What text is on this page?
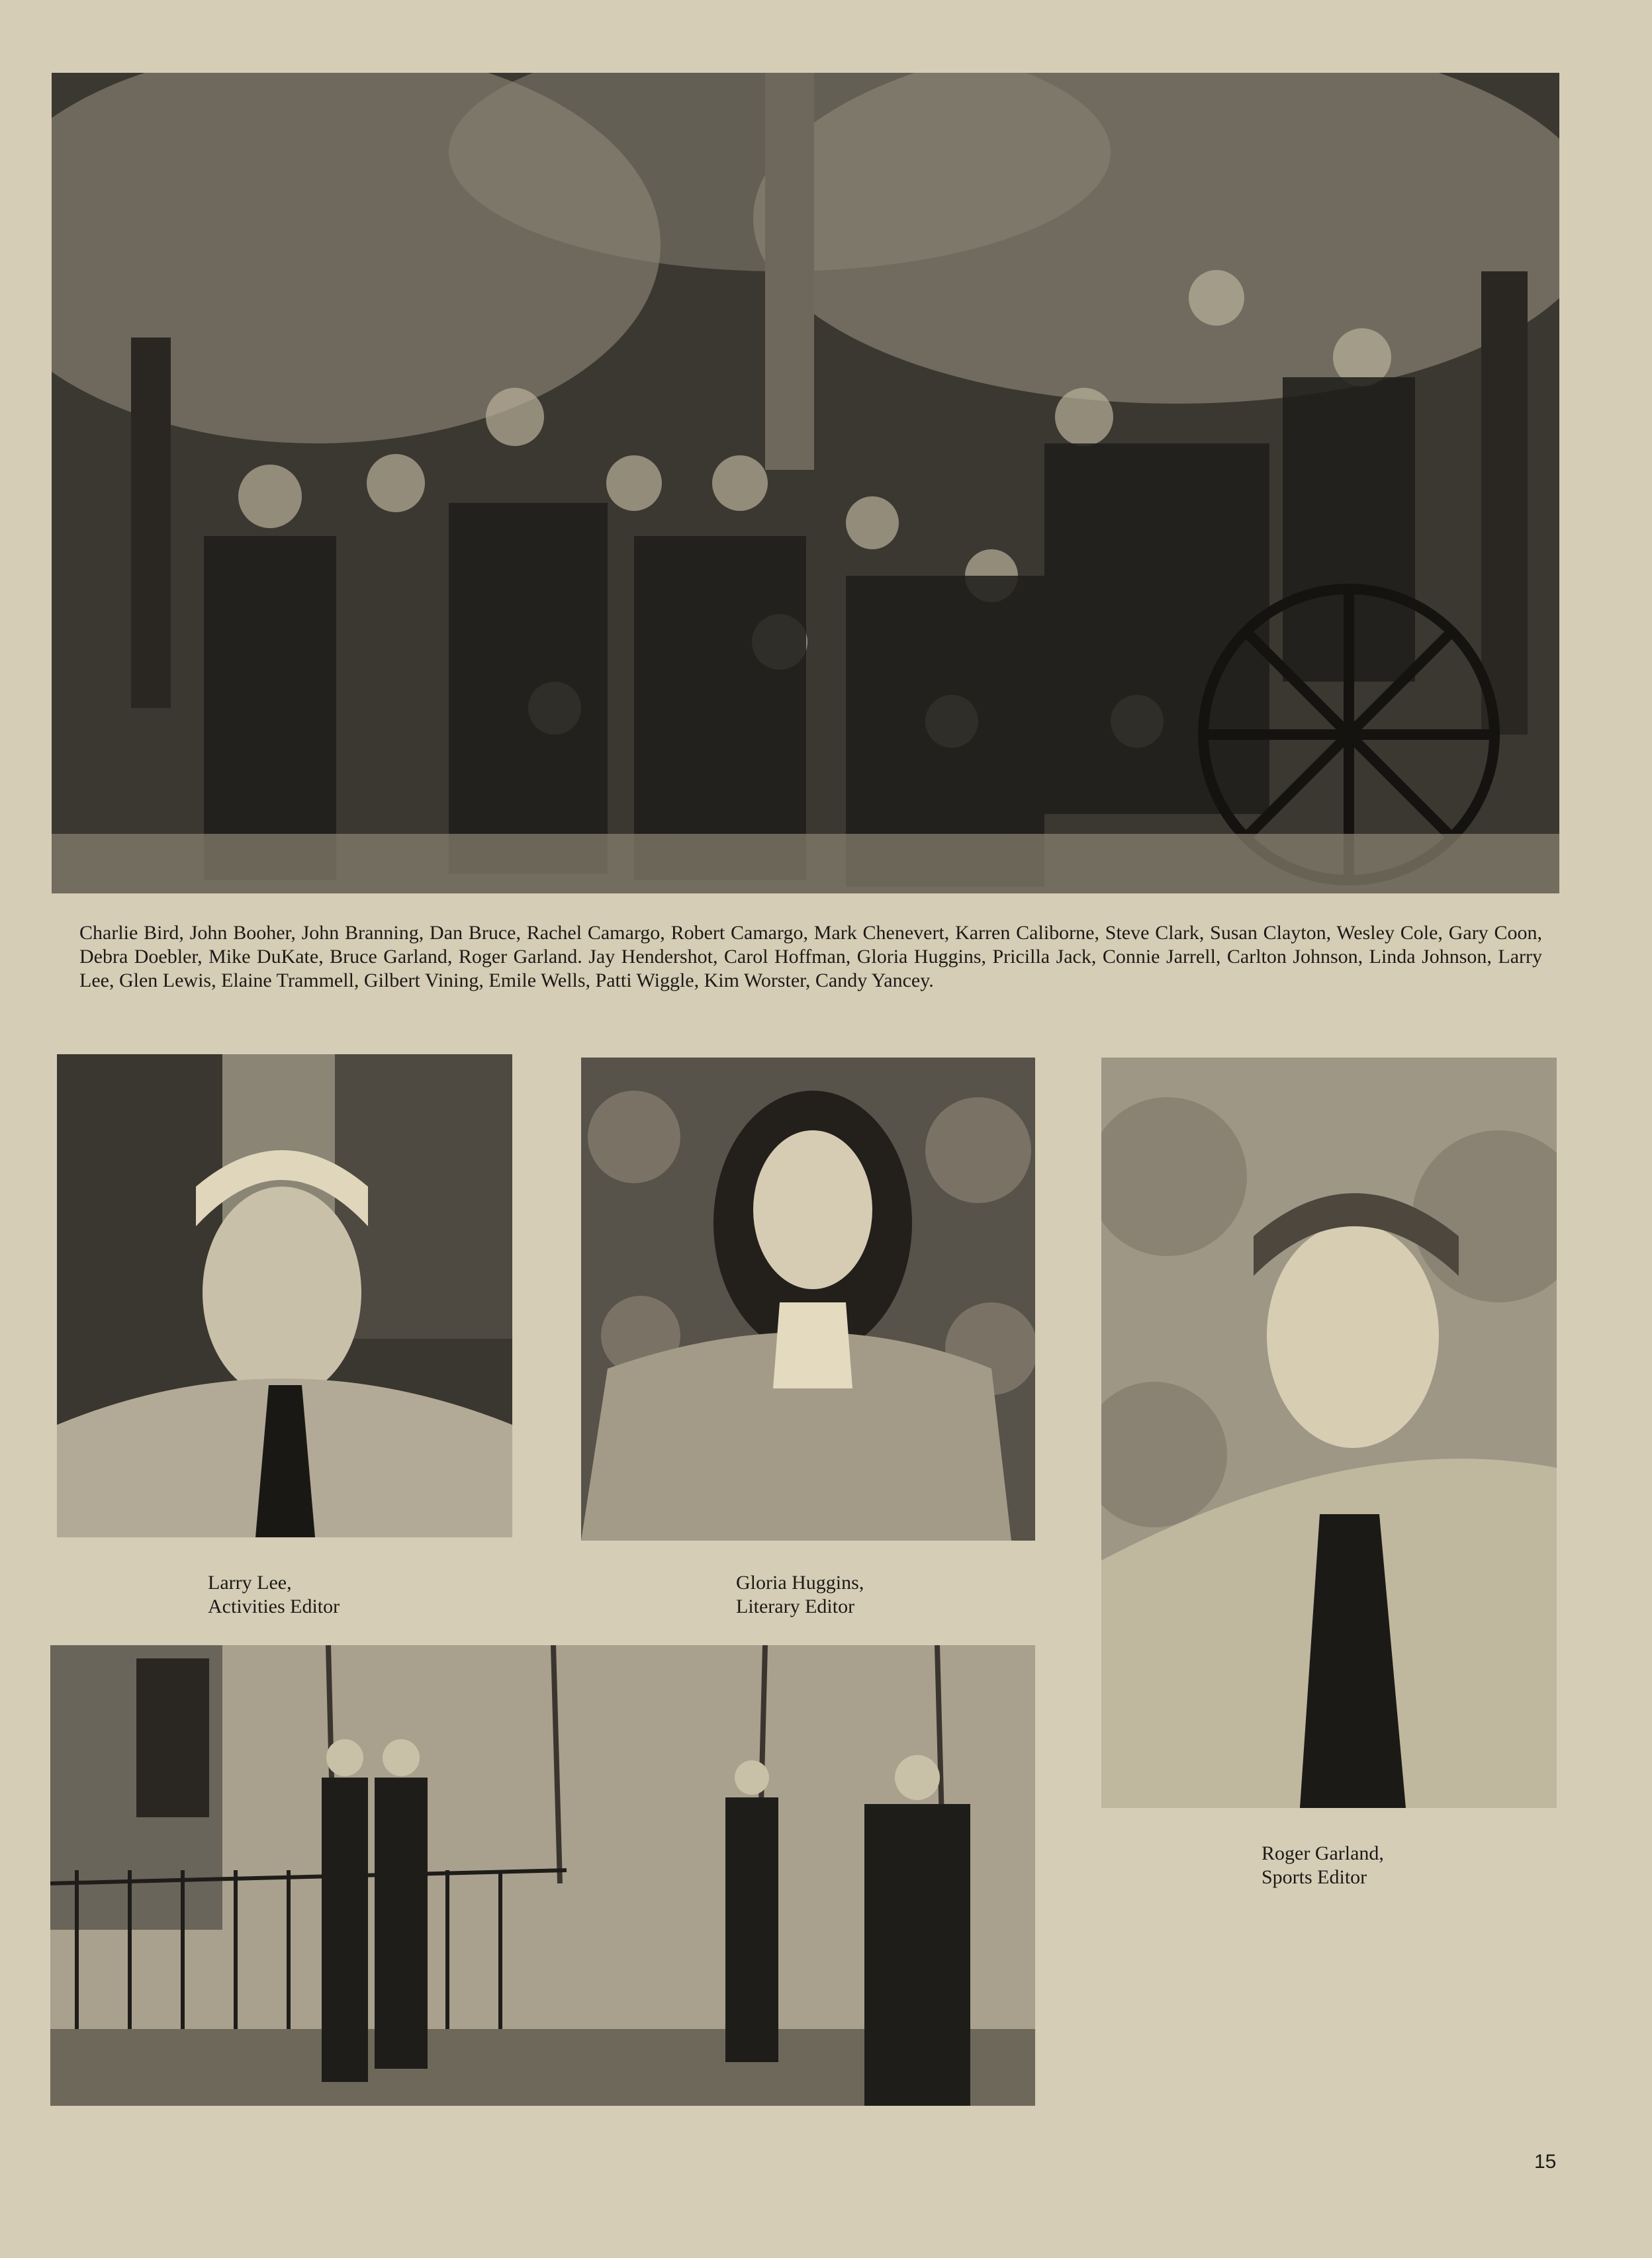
Charlie Bird, John Booher, John Branning, Dan Bruce, Rachel Camargo, Robert Camargo, Mark Chenevert, Karren Caliborne, Steve Clark, Susan Clayton, Wesley Cole, Gary Coon, Debra Doebler, Mike DuKate, Bruce Garland, Roger Garland. Jay Hendershot, Carol Hoffman, Gloria Huggins, Pricilla Jack, Connie Jarrell, Carlton Johnson, Linda Johnson, Larry Lee, Glen Lewis, Elaine Trammell, Gilbert Vining, Emile Wells, Patti Wiggle, Kim Worster, Candy Yancey.

Larry Lee,
Activities Editor
Gloria Huggins,
Literary Editor
Roger Garland,
Sports Editor
15
